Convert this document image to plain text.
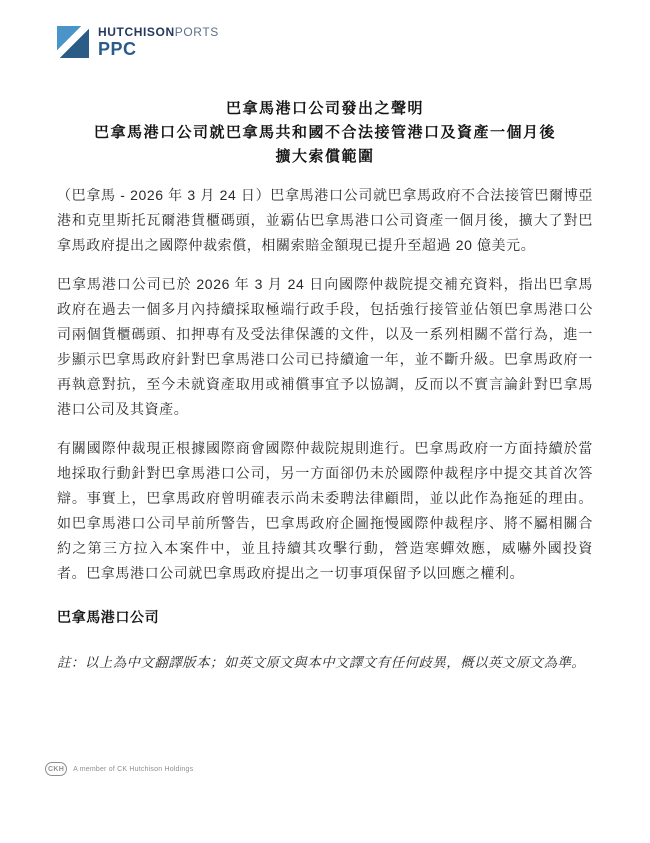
HUTCHISONPORTS
PPC
巴拿馬港口公司發出之聲明
巴拿馬港口公司就巴拿馬共和國不合法接管港口及資產一個月後
擴大索償範圍

（巴拿馬 - 2026 年 3 月 24 日）巴拿馬港口公司就巴拿馬政府不合法接管巴爾博亞港和克里斯托瓦爾港貨櫃碼頭，並霸佔巴拿馬港口公司資產一個月後，擴大了對巴拿馬政府提出之國際仲裁索償，相關索賠金額現已提升至超過 20 億美元。

巴拿馬港口公司已於 2026 年 3 月 24 日向國際仲裁院提交補充資料，指出巴拿馬政府在過去一個多月內持續採取極端行政手段，包括強行接管並佔領巴拿馬港口公司兩個貨櫃碼頭、扣押專有及受法律保護的文件，以及一系列相關不當行為，進一步顯示巴拿馬政府針對巴拿馬港口公司已持續逾一年，並不斷升級。巴拿馬政府一再執意對抗，至今未就資產取用或補償事宜予以協調，反而以不實言論針對巴拿馬港口公司及其資產。

有關國際仲裁現正根據國際商會國際仲裁院規則進行。巴拿馬政府一方面持續於當地採取行動針對巴拿馬港口公司，另一方面卻仍未於國際仲裁程序中提交其首次答辯。事實上，巴拿馬政府曾明確表示尚未委聘法律顧問，並以此作為拖延的理由。如巴拿馬港口公司早前所警告，巴拿馬政府企圖拖慢國際仲裁程序、將不屬相關合約之第三方拉入本案件中，並且持續其攻擊行動，營造寒蟬效應，威嚇外國投資者。巴拿馬港口公司就巴拿馬政府提出之一切事項保留予以回應之權利。

巴拿馬港口公司
註：以上為中文翻譯版本；如英文原文與本中文譯文有任何歧異，概以英文原文為準。
CKH	A member of CK Hutchison Holdings
